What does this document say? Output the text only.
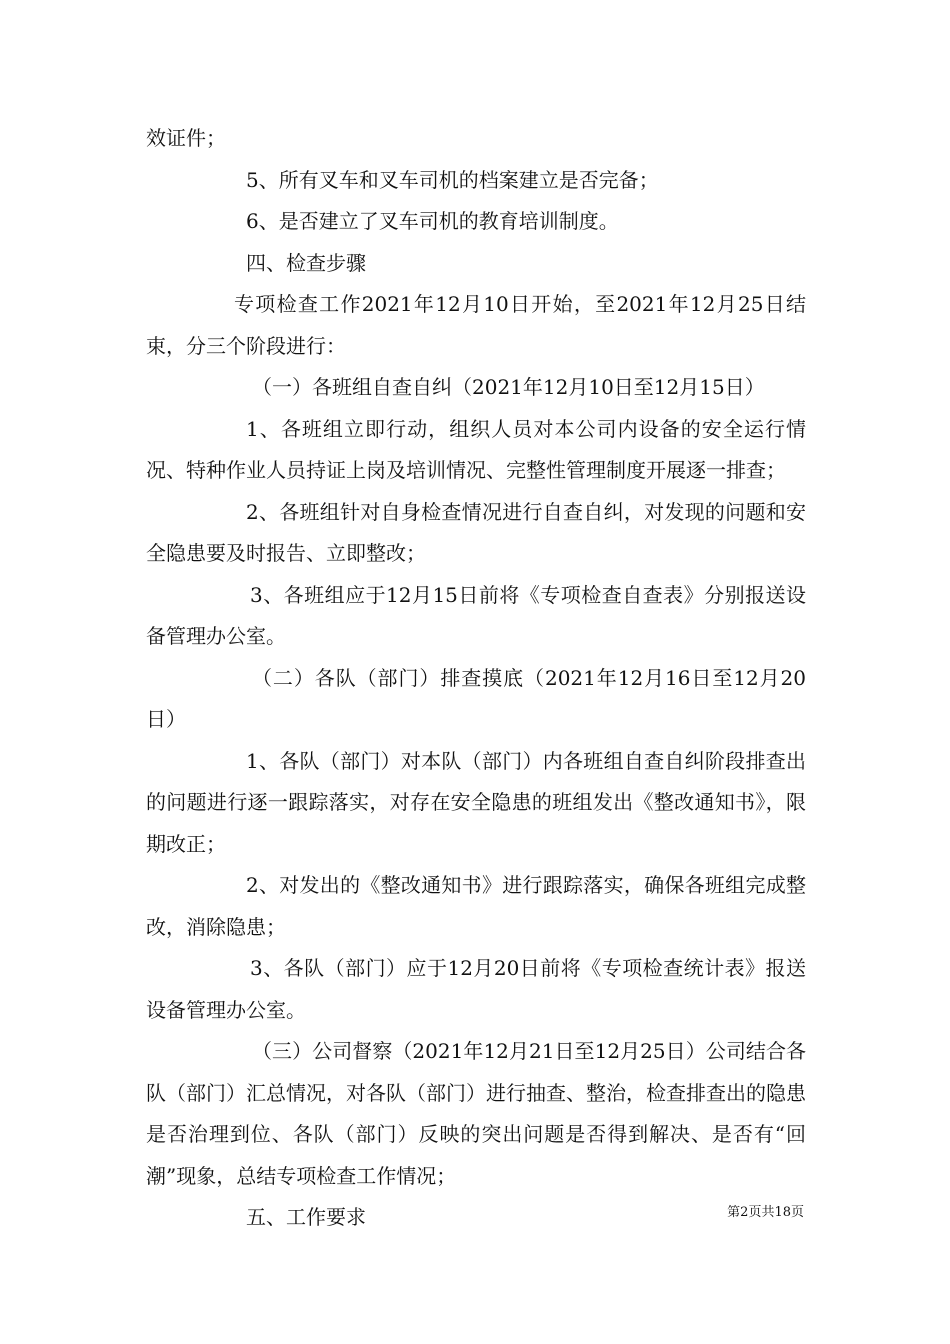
效证件；

5、所有叉车和叉车司机的档案建立是否完备；

6、是否建立了叉车司机的教育培训制度。

四、检查步骤

专项检查工作2021年12月10日开始，至2021年12月25日结束，分三个阶段进行：

（一）各班组自查自纠（2021年12月10日至12月15日）

1、各班组立即行动，组织人员对本公司内设备的安全运行情况、特种作业人员持证上岗及培训情况、完整性管理制度开展逐一排查；

2、各班组针对自身检查情况进行自查自纠，对发现的问题和安全隐患要及时报告、立即整改；

3、各班组应于12月15日前将《专项检查自查表》分别报送设备管理办公室。

（二）各队（部门）排查摸底（2021年12月16日至12月20日）

1、各队（部门）对本队（部门）内各班组自查自纠阶段排查出的问题进行逐一跟踪落实，对存在安全隐患的班组发出《整改通知书》，限期改正；

2、对发出的《整改通知书》进行跟踪落实，确保各班组完成整改，消除隐患；

3、各队（部门）应于12月20日前将《专项检查统计表》报送设备管理办公室。

（三）公司督察（2021年12月21日至12月25日）公司结合各队（部门）汇总情况，对各队（部门）进行抽查、整治，检查排查出的隐患是否治理到位、各队（部门）反映的突出问题是否得到解决、是否有“回潮”现象，总结专项检查工作情况；

五、工作要求	第2页共18页
